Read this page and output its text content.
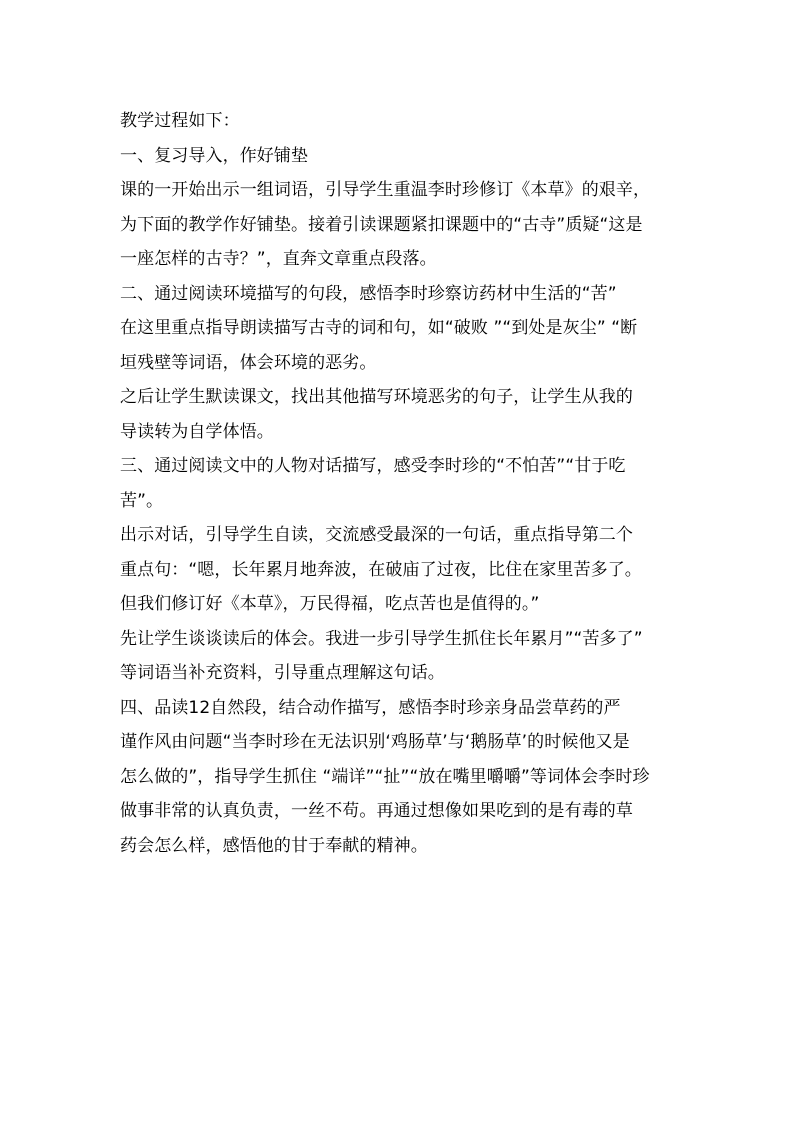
教学过程如下：
一、复习导入，作好铺垫
课的一开始出示一组词语，引导学生重温李时珍修订《本草》的艰辛，
为下面的教学作好铺垫。接着引读课题紧扣课题中的“古寺”质疑“这是
一座怎样的古寺？”，直奔文章重点段落。
二、通过阅读环境描写的句段，感悟李时珍察访药材中生活的“苦”
在这里重点指导朗读描写古寺的词和句，如“破败 ”“到处是灰尘” “断
垣残壁等词语，体会环境的恶劣。
之后让学生默读课文，找出其他描写环境恶劣的句子，让学生从我的
导读转为自学体悟。
三、通过阅读文中的人物对话描写，感受李时珍的“不怕苦”“甘于吃
苦”。
出示对话，引导学生自读，交流感受最深的一句话，重点指导第二个
重点句：“嗯，长年累月地奔波，在破庙了过夜，比住在家里苦多了。
但我们修订好《本草》，万民得福，吃点苦也是值得的。”
先让学生谈谈读后的体会。我进一步引导学生抓住长年累月”“苦多了”
等词语当补充资料，引导重点理解这句话。
四、品读12自然段，结合动作描写，感悟李时珍亲身品尝草药的严
谨作风由问题“当李时珍在无法识别‘鸡肠草’与‘鹅肠草’的时候他又是
怎么做的”，指导学生抓住 “端详”“扯”“放在嘴里嚼嚼”等词体会李时珍
做事非常的认真负责，一丝不苟。再通过想像如果吃到的是有毒的草
药会怎么样，感悟他的甘于奉献的精神。
